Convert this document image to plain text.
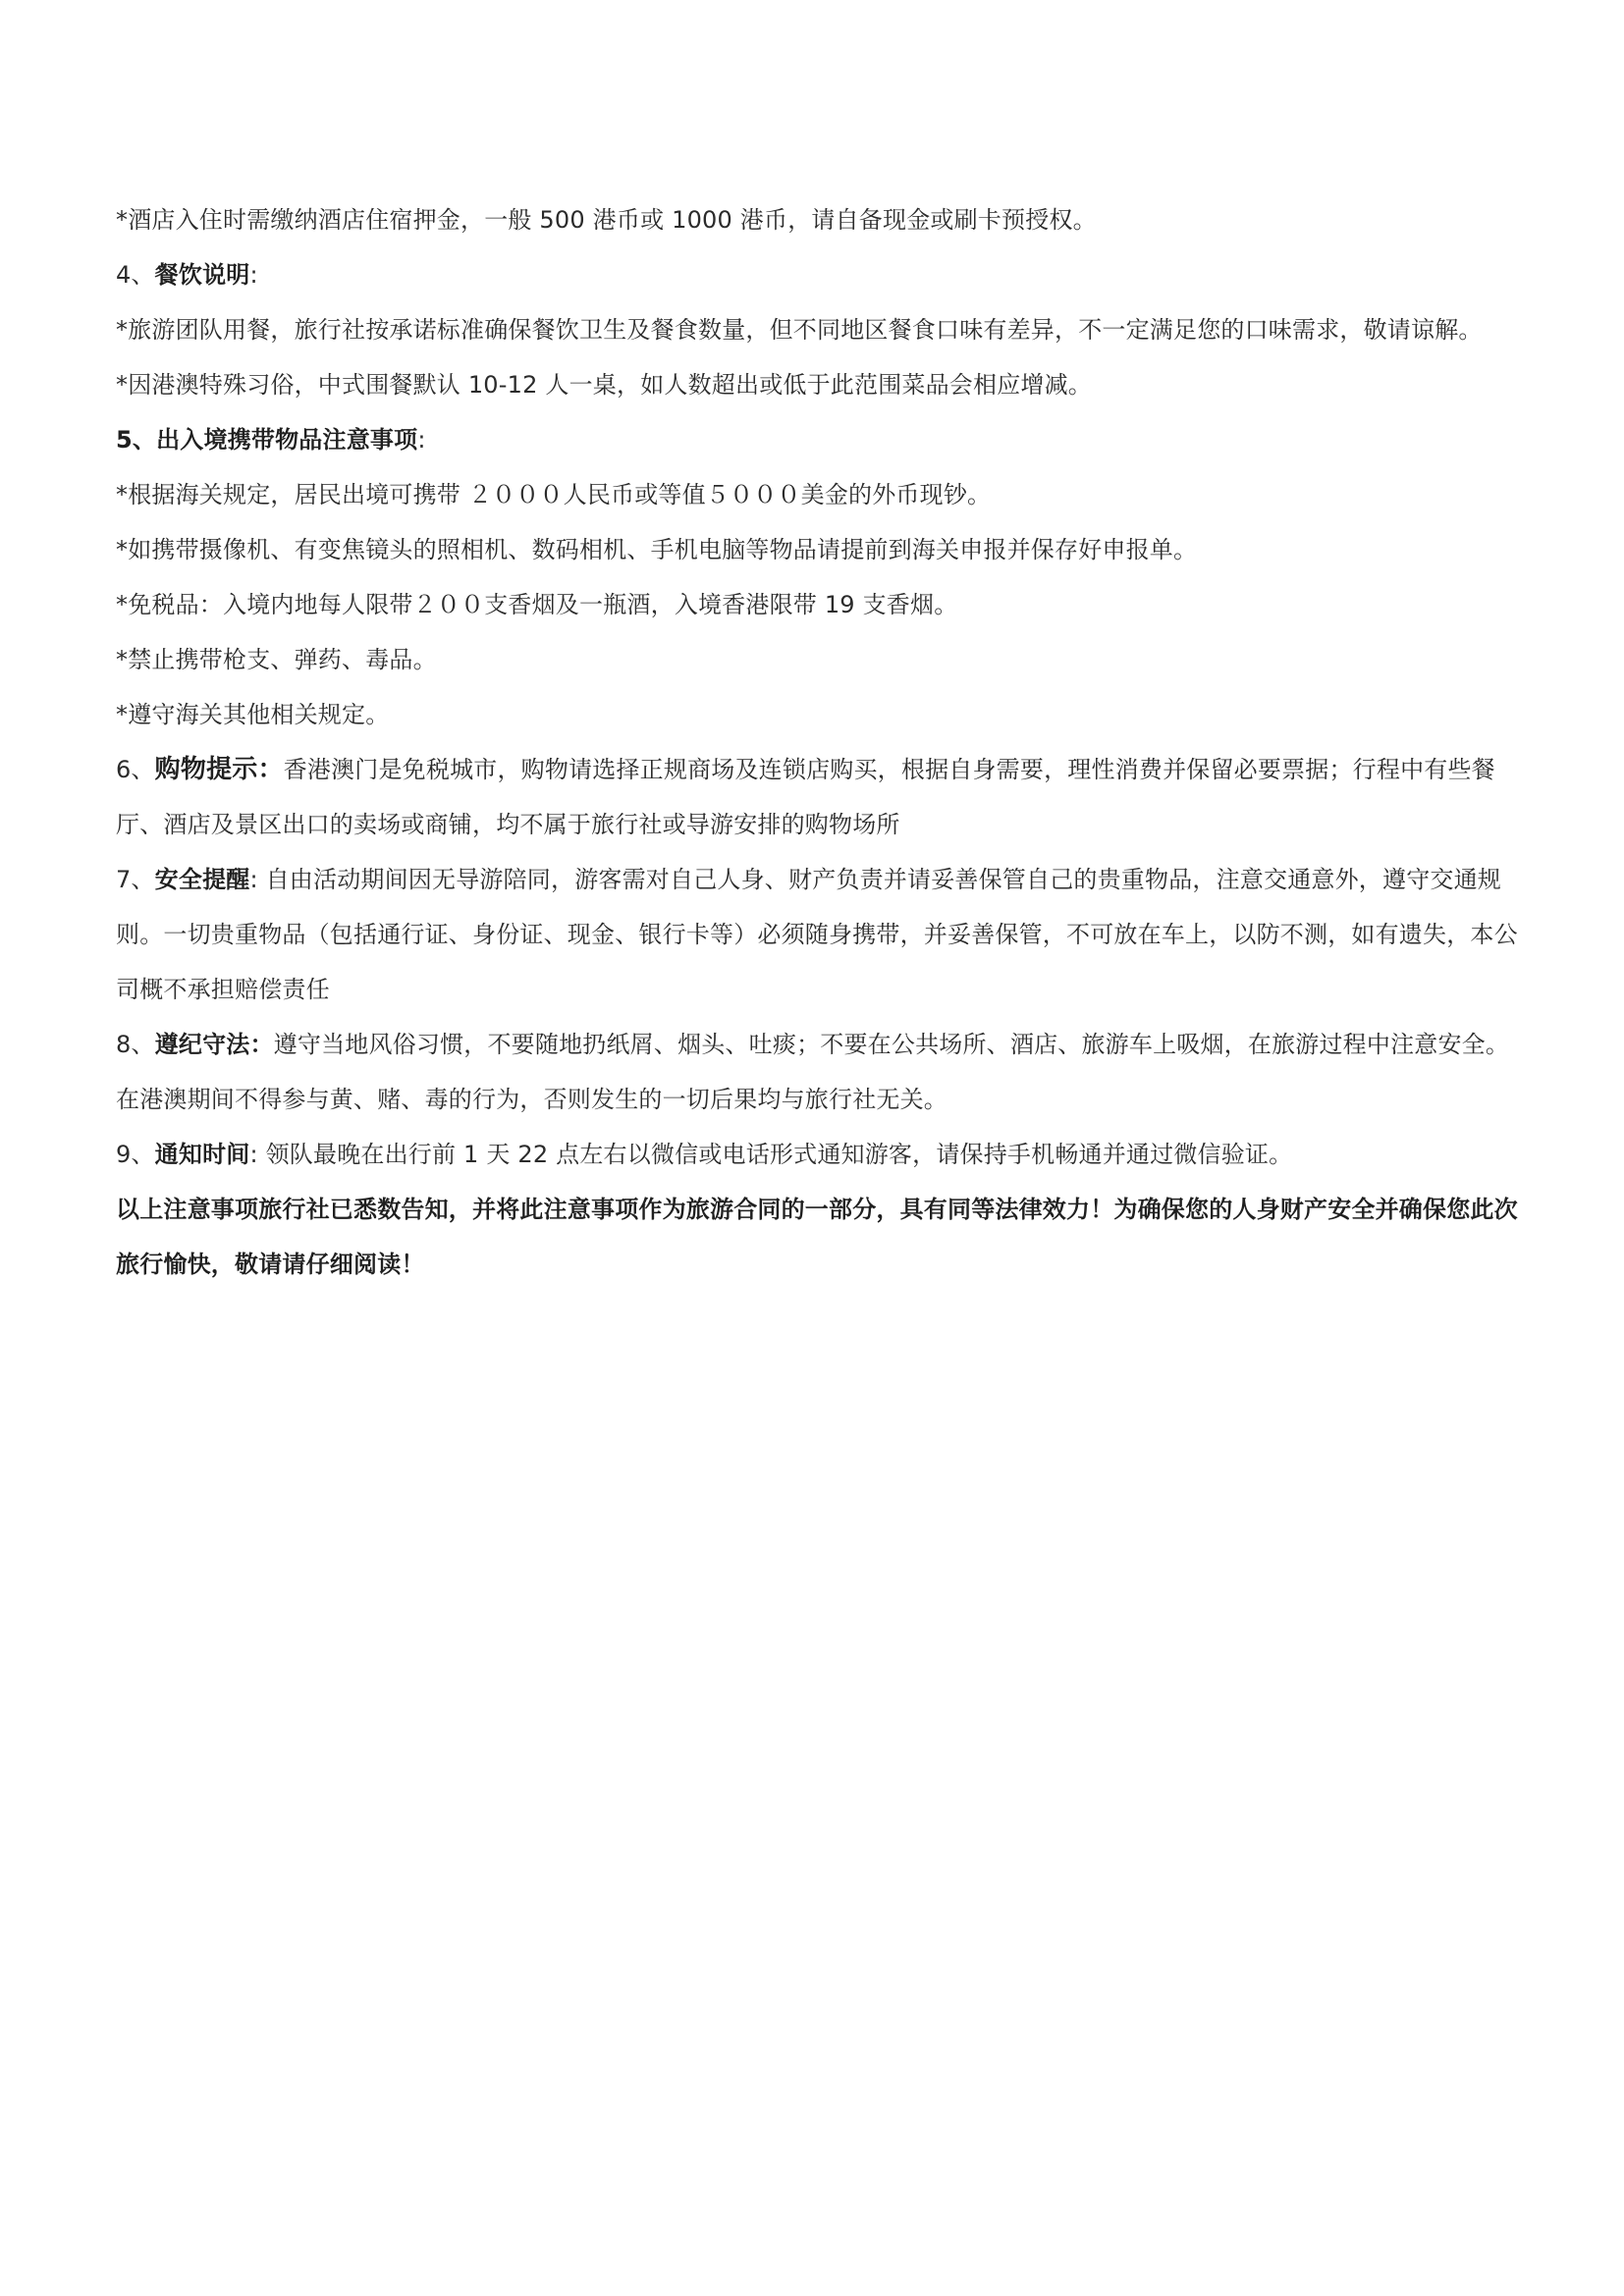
*酒店入住时需缴纳酒店住宿押金，一般 500 港币或 1000 港币，请自备现金或刷卡预授权。

4、餐饮说明:

*旅游团队用餐，旅行社按承诺标准确保餐饮卫生及餐食数量，但不同地区餐食口味有差异，不一定满足您的口味需求，敬请谅解。

*因港澳特殊习俗，中式围餐默认 10-12 人一桌，如人数超出或低于此范围菜品会相应增减。

5、出入境携带物品注意事项:

*根据海关规定，居民出境可携带 ２０００人民币或等值５０００美金的外币现钞。

*如携带摄像机、有变焦镜头的照相机、数码相机、手机电脑等物品请提前到海关申报并保存好申报单。

*免税品：入境内地每人限带２００支香烟及一瓶酒，入境香港限带 19 支香烟。

*禁止携带枪支、弹药、毒品。

*遵守海关其他相关规定。

6、购物提示：香港澳门是免税城市，购物请选择正规商场及连锁店购买，根据自身需要，理性消费并保留必要票据；行程中有些餐厅、酒店及景区出口的卖场或商铺，均不属于旅行社或导游安排的购物场所

7、安全提醒: 自由活动期间因无导游陪同，游客需对自己人身、财产负责并请妥善保管自己的贵重物品，注意交通意外，遵守交通规则。一切贵重物品（包括通行证、身份证、现金、银行卡等）必须随身携带，并妥善保管，不可放在车上，以防不测，如有遗失，本公司概不承担赔偿责任

8、遵纪守法：遵守当地风俗习惯，不要随地扔纸屑、烟头、吐痰；不要在公共场所、酒店、旅游车上吸烟，在旅游过程中注意安全。在港澳期间不得参与黄、赌、毒的行为，否则发生的一切后果均与旅行社无关。

9、通知时间: 领队最晚在出行前 1 天 22 点左右以微信或电话形式通知游客，请保持手机畅通并通过微信验证。

以上注意事项旅行社已悉数告知，并将此注意事项作为旅游合同的一部分，具有同等法律效力！为确保您的人身财产安全并确保您此次旅行愉快，敬请请仔细阅读！
